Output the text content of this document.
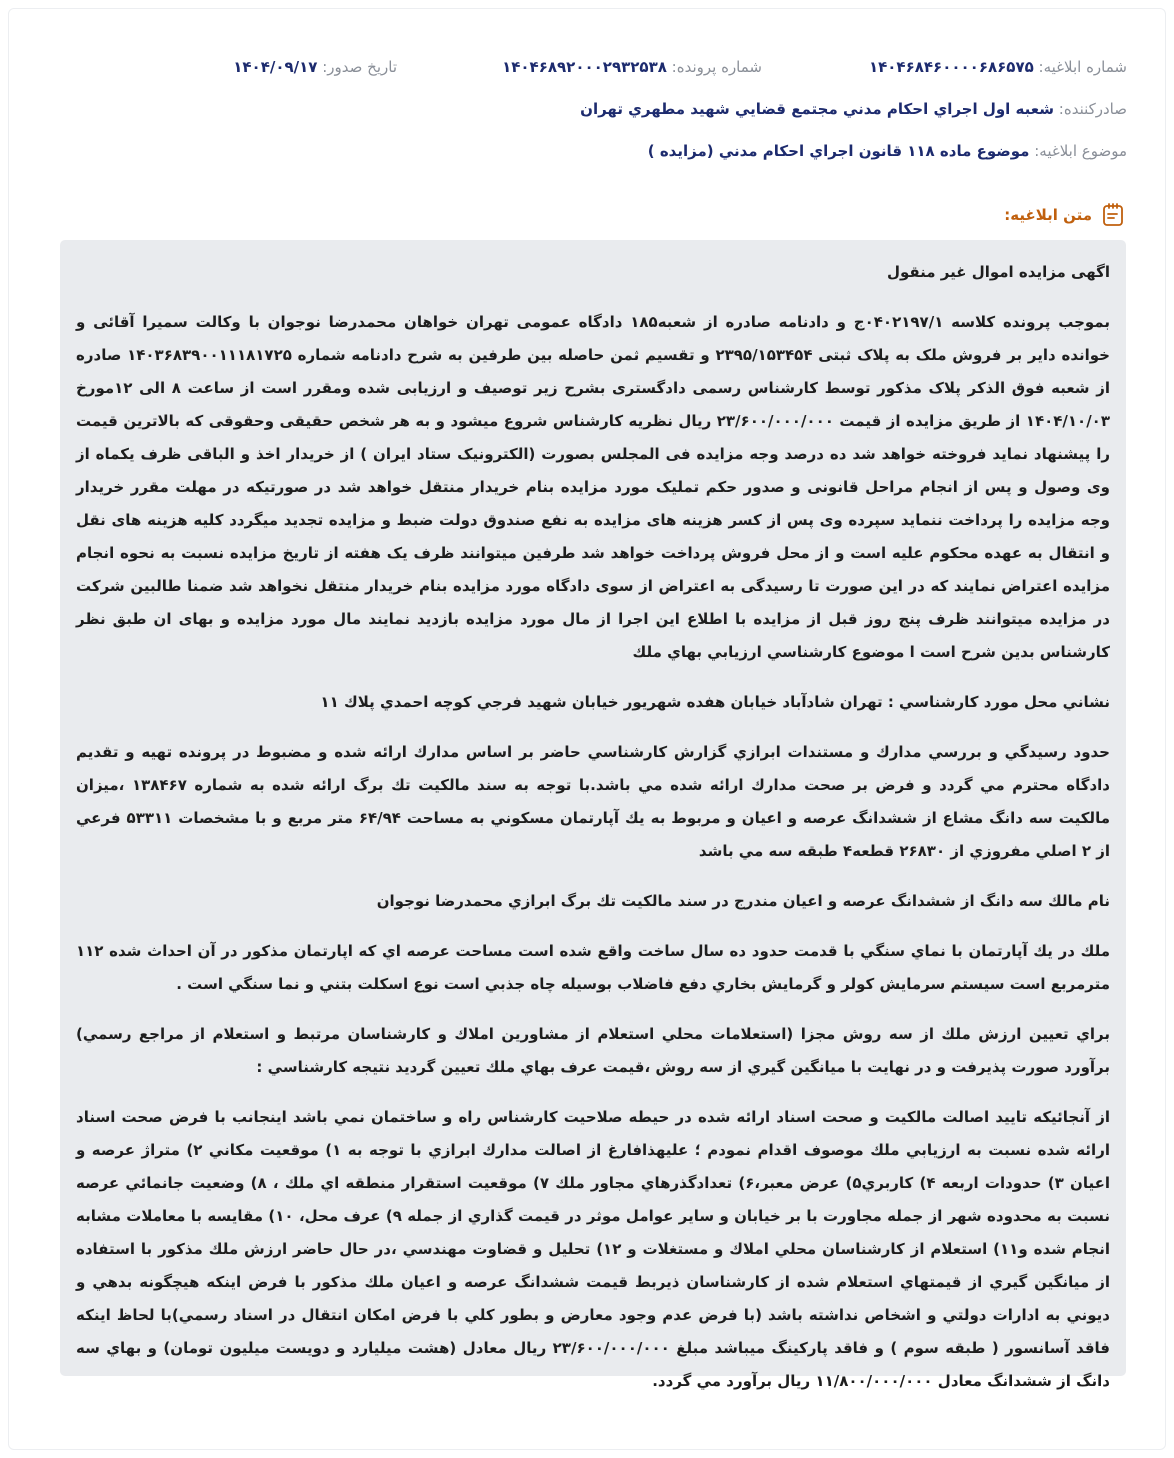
شماره ابلاغیه: ۱۴۰۴۶۸۴۶۰۰۰۰۶۸۶۵۷۵
شماره پرونده: ۱۴۰۴۶۸۹۲۰۰۰۲۹۳۲۵۳۸
تاریخ صدور: ۱۴۰۴/۰۹/۱۷
صادرکننده: شعبه اول اجراي احكام مدني مجتمع قضايي شهيد مطهري تهران
موضوع ابلاغیه: موضوع ماده ۱۱۸ قانون اجراي احكام مدني (مزايده )
متن ابلاغیه:

اگهی مزایده اموال غیر منقول

بموجب پرونده کلاسه ۰۴۰۲۱۹۷/۱ج و دادنامه صادره از شعبه۱۸۵ دادگاه عمومی تهران خواهان محمدرضا نوجوان با وکالت سمیرا آقائی و خوانده دایر بر فروش ملک به پلاک ثبتی ۲۳۹۵/۱۵۳۴۵۴ و تقسیم ثمن حاصله بین طرفین به شرح دادنامه شماره ۱۴۰۳۶۸۳۹۰۰۱۱۱۸۱۷۲۵ صادره از شعبه فوق الذکر پلاک مذکور توسط کارشناس رسمی دادگستری بشرح زیر توصیف و ارزیابی شده ومقرر است از ساعت ۸ الی ۱۲مورخ ۱۴۰۴/۱۰/۰۳ از طریق مزایده از قیمت ۲۳/۶۰۰/۰۰۰/۰۰۰ ریال نظریه کارشناس شروع میشود و به هر شخص حقیقی وحقوقی که بالاترین قیمت را پیشنهاد نماید فروخته خواهد شد ده درصد وجه مزایده فی المجلس بصورت (الکترونیک ستاد ایران ) از خریدار اخذ و الباقی ظرف یکماه از وی وصول و پس از انجام مراحل قانونی و صدور حکم تملیک مورد مزایده بنام خریدار منتقل خواهد شد در صورتیکه در مهلت مقرر خریدار وجه مزایده را پرداخت ننماید سپرده وی پس از کسر هزینه های مزایده به نفع صندوق دولت ضبط و مزایده تجدید میگردد کلیه هزینه های نقل و انتقال به عهده محکوم علیه است و از محل فروش پرداخت خواهد شد طرفین میتوانند ظرف یک هفته از تاریخ مزایده نسبت به نحوه انجام مزایده اعتراض نمایند که در این صورت تا رسیدگی به اعتراض از سوی دادگاه مورد مزایده بنام خریدار منتقل نخواهد شد ضمنا طالبین شرکت در مزایده میتوانند ظرف پنج روز قبل از مزایده با اطلاع این اجرا از مال مورد مزایده بازدید نمایند مال مورد مزایده و بهای ان طبق نظر کارشناس بدین شرح است ا موضوع كارشناسي ارزيابي بهاي ملك

نشاني محل مورد كارشناسي : تهران شادآباد خيابان هفده شهريور خيابان شهيد فرجي كوچه احمدي پلاك ۱۱

حدود رسيدگي و بررسي مدارك و مستندات ابرازي گزارش كارشناسي حاضر بر اساس مدارك ارائه شده و مضبوط در پرونده تهيه و تقديم دادگاه محترم مي گردد و فرض بر صحت مدارك ارائه شده مي باشد.با توجه به سند مالكيت تك برگ ارائه شده به شماره ۱۳۸۴۶۷ ،ميزان مالكيت سه دانگ مشاع از ششدانگ عرصه و اعيان و مربوط به يك آپارتمان مسكوني به مساحت ۶۴/۹۴ متر مربع و با مشخصات ۵۳۳۱۱ فرعي از ۲ اصلي مفروزي از ۲۶۸۳۰ قطعه۴ طبقه سه مي باشد

نام مالك سه دانگ از ششدانگ عرصه و اعيان مندرج در سند مالكيت تك برگ ابرازي محمدرضا نوجوان

ملك در يك آپارتمان با نماي سنگي با قدمت حدود ده سال ساخت واقع شده است مساحت عرصه اي كه اپارتمان مذكور در آن احداث شده ۱۱۲ مترمربع است سيستم سرمايش كولر و گرمايش بخاري دفع فاضلاب بوسيله چاه جذبي است نوع اسكلت بتني و نما سنگي است .

براي تعيين ارزش ملك از سه روش مجزا (استعلامات محلي استعلام از مشاورين املاك و كارشناسان مرتبط و استعلام از مراجع رسمي) برآورد صورت پذيرفت و در نهايت با ميانگين گيري از سه روش ،قيمت عرف بهاي ملك تعيين گرديد نتيجه كارشناسي :

از آنجائيكه تاييد اصالت مالكيت و صحت اسناد ارائه شده در حيطه صلاحيت كارشناس راه و ساختمان نمي باشد اينجانب با فرض صحت اسناد ارائه شده نسبت به ارزيابي ملك موصوف اقدام نمودم ؛ عليهذافارغ از اصالت مدارك ابرازي با توجه به ۱) موقعيت مكاني ۲) متراژ عرصه و اعيان ۳) حدودات اربعه ۴) كاربري۵) عرض معبر،۶) تعدادگذرهاي مجاور ملك ۷) موقعيت استقرار منطقه اي ملك ، ۸) وضعيت جانمائي عرصه نسبت به محدوده شهر از جمله مجاورت با بر خيابان و ساير عوامل موثر در قيمت گذاري از جمله ۹) عرف محل، ۱۰) مقايسه با معاملات مشابه انجام شده و۱۱) استعلام از كارشناسان محلي املاك و مستغلات و ۱۲) تحليل و قضاوت مهندسي ،در حال حاضر ارزش ملك مذكور با استفاده از ميانگين گيري از قيمتهاي استعلام شده از كارشناسان ذيربط قيمت ششدانگ عرصه و اعيان ملك مذكور با فرض اينكه هيچگونه بدهي و ديوني به ادارات دولتي و اشخاص نداشته باشد (با فرض عدم وجود معارض و بطور كلي با فرض امكان انتقال در اسناد رسمي)با لحاظ اينكه فاقد آسانسور ( طبقه سوم ) و فاقد پاركينگ ميباشد مبلغ ۲۳/۶۰۰/۰۰۰/۰۰۰ ريال معادل (هشت ميليارد و دويست ميليون تومان) و بهاي سه دانگ از ششدانگ معادل ۱۱/۸۰۰/۰۰۰/۰۰۰ ريال برآورد مي گردد.
